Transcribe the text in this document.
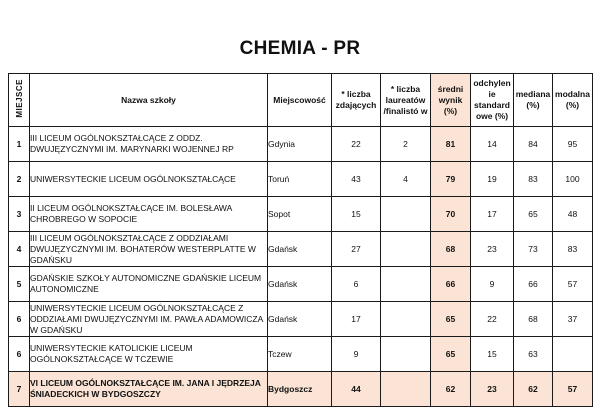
CHEMIA - PR
MIEJSCE	Nazwa szkoły	Miejscowość	* liczba zdających	* liczba laureatów /finalistó w	średni wynik (%)	odchylen ie standard owe (%)	mediana (%)	modalna (%)
1	III LICEUM OGÓLNOKSZTAŁCĄCE Z ODDZ. DWUJĘZYCZNYMI IM. MARYNARKI WOJENNEJ RP	Gdynia	22	2	81	14	84	95
2	UNIWERSYTECKIE LICEUM OGÓLNOKSZTAŁCĄCE	Toruń	43	4	79	19	83	100
3	II LICEUM OGÓLNOKSZTAŁCĄCE IM. BOLESŁAWA CHROBREGO W SOPOCIE	Sopot	15		70	17	65	48
4	III LICEUM OGÓLNOKSZTAŁCĄCE Z ODDZIAŁAMI DWUJĘZYCZNYMI IM. BOHATERÓW WESTERPLATTE W GDAŃSKU	Gdańsk	27		68	23	73	83
5	GDAŃSKIE SZKOŁY AUTONOMICZNE GDAŃSKIE LICEUM AUTONOMICZNE	Gdańsk	6		66	9	66	57
6	UNIWERSYTECKIE LICEUM OGÓLNOKSZTAŁCĄCE Z ODDZIAŁAMI DWUJĘZYCZNYMI IM. PAWŁA ADAMOWICZA W GDAŃSKU	Gdańsk	17		65	22	68	37
6	UNIWERSYTECKIE KATOLICKIE LICEUM OGÓLNOKSZTAŁCĄCE W TCZEWIE	Tczew	9		65	15	63	
7	VI LICEUM OGÓLNOKSZTAŁCĄCE IM. JANA I JĘDRZEJA ŚNIADECKICH W BYDGOSZCZY	Bydgoszcz	44		62	23	62	57
